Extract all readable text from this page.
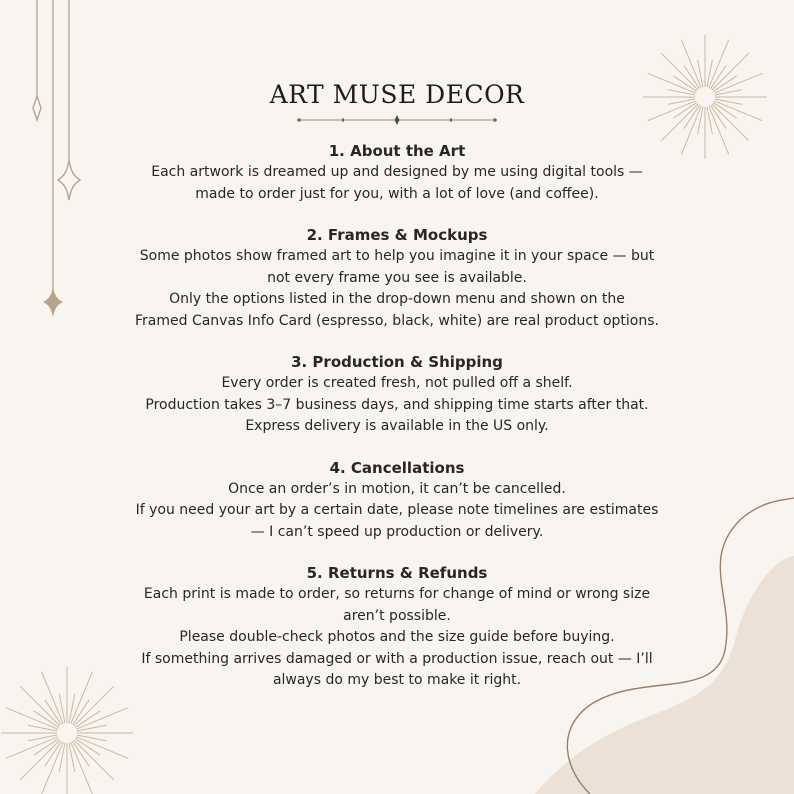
ART MUSE DECOR

1. About the Art

Each artwork is dreamed up and designed by me using digital tools —

made to order just for you, with a lot of love (and coffee).

2. Frames & Mockups

Some photos show framed art to help you imagine it in your space — but

not every frame you see is available.

Only the options listed in the drop-down menu and shown on the

Framed Canvas Info Card (espresso, black, white) are real product options.

3. Production & Shipping

Every order is created fresh, not pulled off a shelf.

Production takes 3–7 business days, and shipping time starts after that.

Express delivery is available in the US only.

4. Cancellations

Once an order’s in motion, it can’t be cancelled.

If you need your art by a certain date, please note timelines are estimates

— I can’t speed up production or delivery.

5. Returns & Refunds

Each print is made to order, so returns for change of mind or wrong size

aren’t possible.

Please double-check photos and the size guide before buying.

If something arrives damaged or with a production issue, reach out — I’ll

always do my best to make it right.
